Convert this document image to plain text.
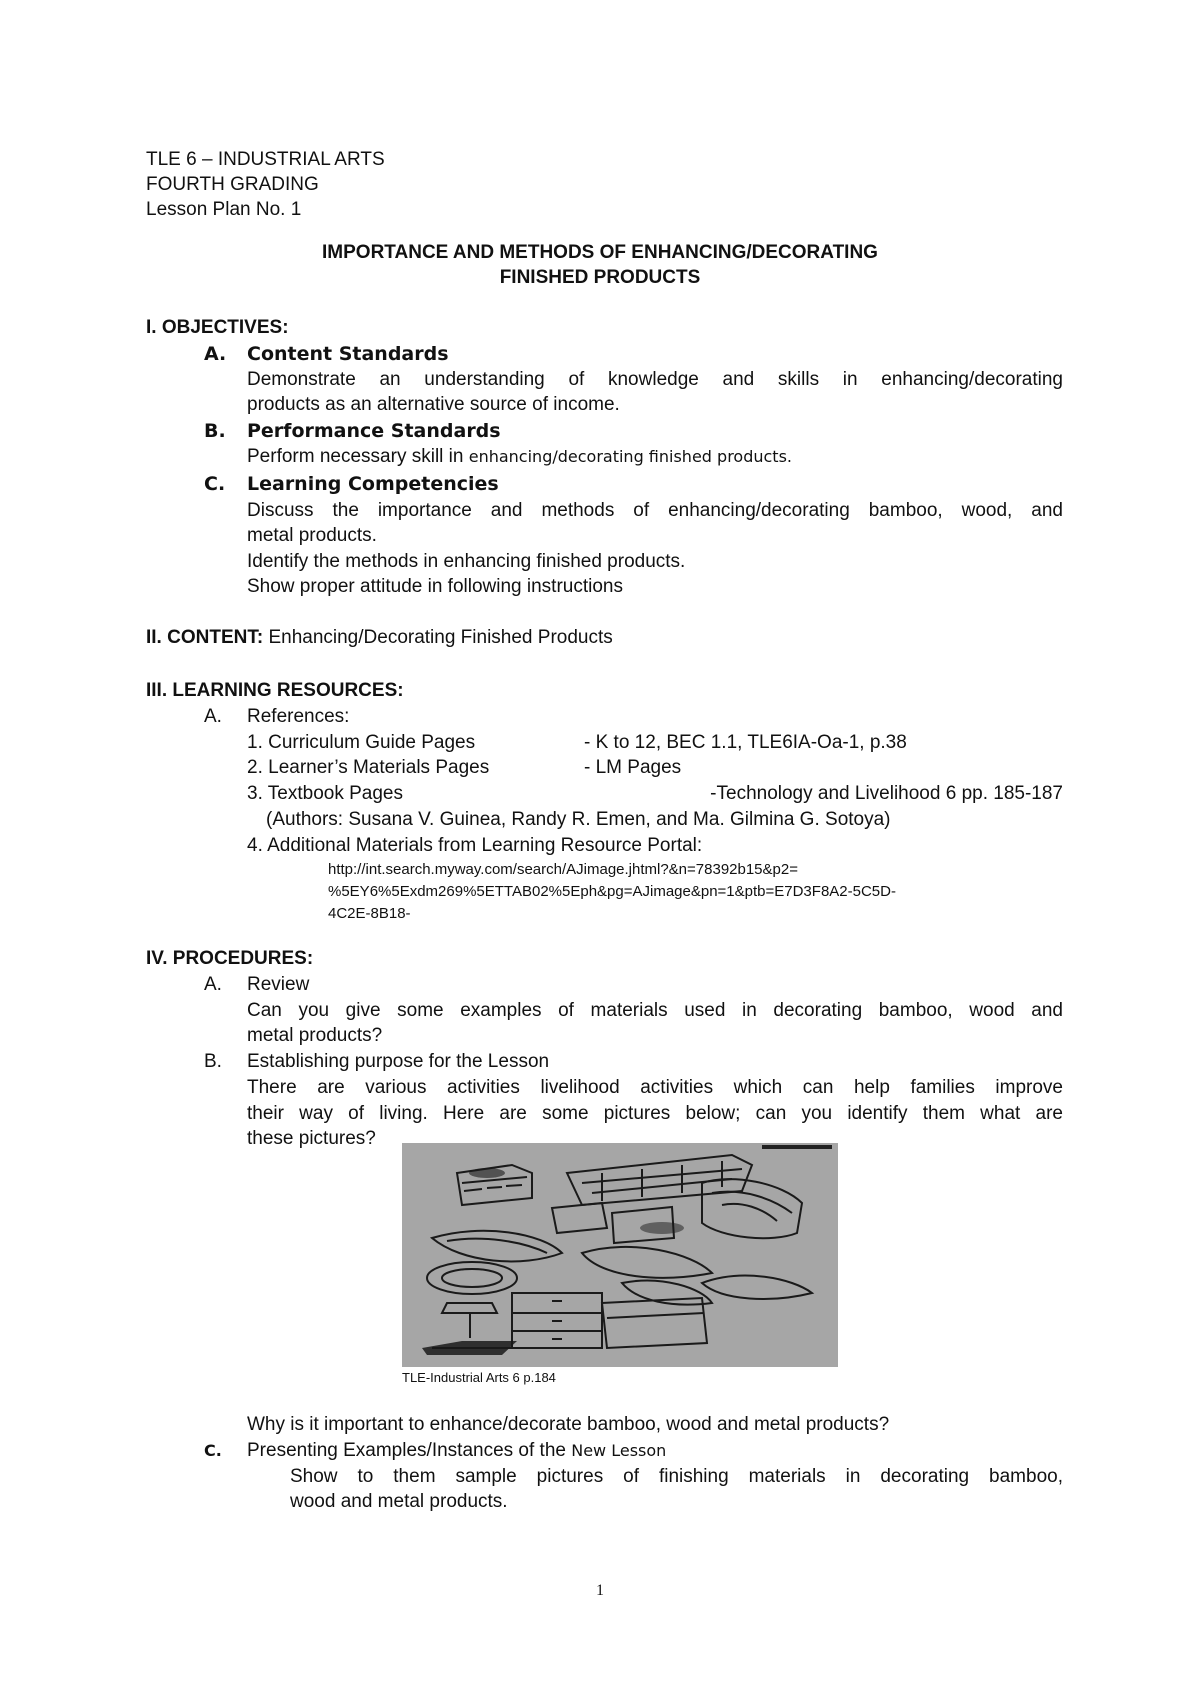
TLE 6 – INDUSTRIAL ARTS
FOURTH GRADING
Lesson Plan No. 1
IMPORTANCE AND METHODS OF ENHANCING/DECORATING
FINISHED PRODUCTS
I. OBJECTIVES:
A. Content Standards
Demonstrate an understanding of knowledge and skills in enhancing/decorating
products as an alternative source of income.
B. Performance Standards
Perform necessary skill in enhancing/decorating finished products.
C. Learning Competencies
Discuss the importance and methods of enhancing/decorating bamboo, wood, and
metal products.
Identify the methods in enhancing finished products.
Show proper attitude in following instructions
II. CONTENT: Enhancing/Decorating Finished Products
III. LEARNING RESOURCES:
A. References:
1. Curriculum Guide Pages	- K to 12, BEC 1.1, TLE6IA-Oa-1, p.38
2. Learner’s Materials Pages	- LM Pages
3. Textbook Pages	-Technology and Livelihood 6 pp. 185-187
(Authors: Susana V. Guinea, Randy R. Emen, and Ma. Gilmina G. Sotoya)
4. Additional Materials from Learning Resource Portal:
http://int.search.myway.com/search/AJimage.jhtml?&n=78392b15&p2=
%5EY6%5Exdm269%5ETTAB02%5Eph&pg=AJimage&pn=1&ptb=E7D3F8A2-5C5D-
4C2E-8B18-
IV. PROCEDURES:
A. Review
Can you give some examples of materials used in decorating bamboo, wood and
metal products?
B. Establishing purpose for the Lesson
There are various activities livelihood activities which can help families improve
their way of living. Here are some pictures below; can you identify them what are
these pictures?
TLE-Industrial Arts 6 p.184
Why is it important to enhance/decorate bamboo, wood and metal products?
C. Presenting Examples/Instances of the New Lesson
Show to them sample pictures of finishing materials in decorating bamboo,
wood and metal products.
1
